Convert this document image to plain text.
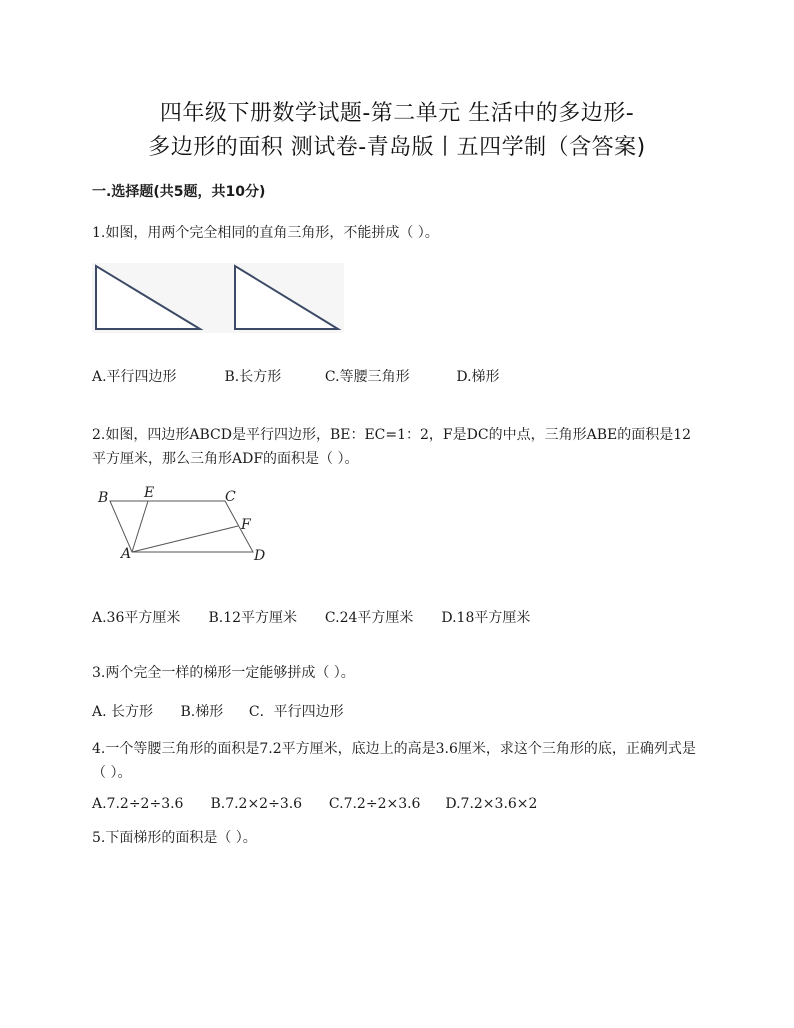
四年级下册数学试题-第二单元 生活中的多边形-
多边形的面积 测试卷-青岛版丨五四学制（含答案)
一.选择题(共5题，共10分)
1.如图，用两个完全相同的直角三角形，不能拼成（ ）。
A.平行四边形	B.长方形	C.等腰三角形	D.梯形
2.如图，四边形ABCD是平行四边形，BE：EC=1：2，F是DC的中点，三角形ABE的面积是12平方厘米，那么三角形ADF的面积是（ ）。
B	E	C
F
A	D
A.36平方厘米 B.12平方厘米 C.24平方厘米 D.18平方厘米
3.两个完全一样的梯形一定能够拼成（ ）。
A. 长方形 B.梯形 C．平行四边形
4.一个等腰三角形的面积是7.2平方厘米，底边上的高是3.6厘米，求这个三角形的底，正确列式是（ ）。
A.7.2÷2÷3.6 B.7.2×2÷3.6 C.7.2÷2×3.6 D.7.2×3.6×2
5.下面梯形的面积是（ ）。
